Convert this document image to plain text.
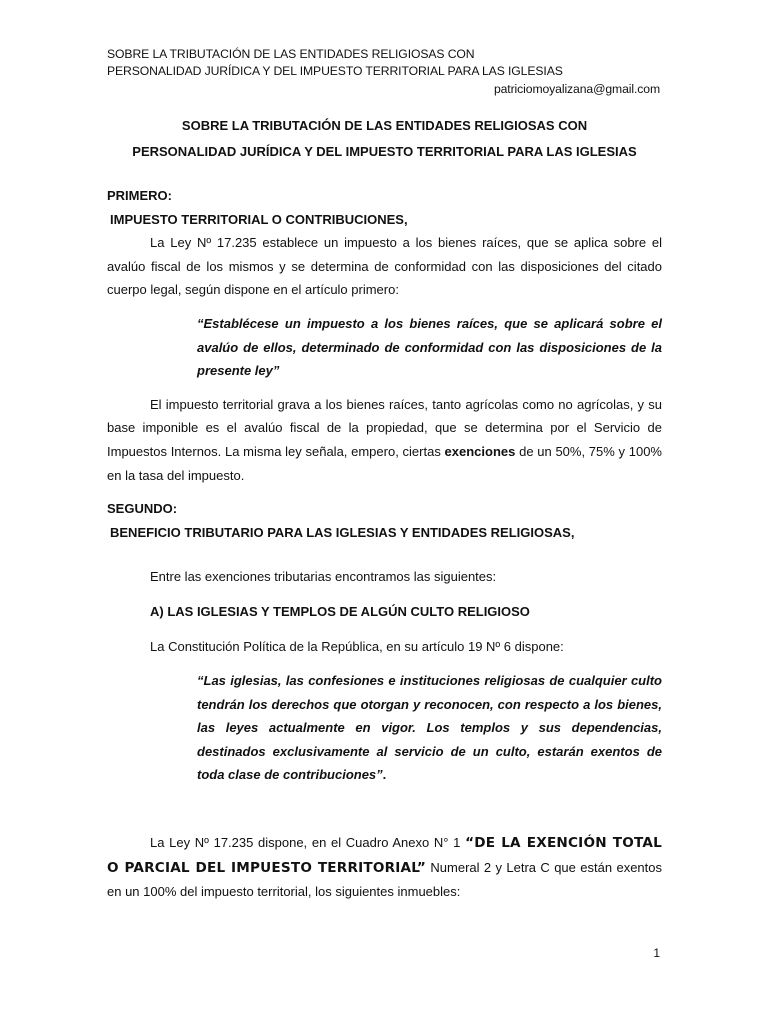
SOBRE LA TRIBUTACIÓN DE LAS ENTIDADES RELIGIOSAS CON
PERSONALIDAD JURÍDICA Y DEL IMPUESTO TERRITORIAL PARA LAS IGLESIAS
patriciomoyalizana@gmail.com

SOBRE LA TRIBUTACIÓN DE LAS ENTIDADES RELIGIOSAS CON

PERSONALIDAD JURÍDICA Y DEL IMPUESTO TERRITORIAL PARA LAS IGLESIAS

PRIMERO:

IMPUESTO TERRITORIAL O CONTRIBUCIONES,

La Ley Nº 17.235 establece un impuesto a los bienes raíces, que se aplica sobre el avalúo fiscal de los mismos y se determina de conformidad con las disposiciones del citado cuerpo legal, según dispone en el artículo primero:

“Establécese un impuesto a los bienes raíces, que se aplicará sobre el avalúo de ellos, determinado de conformidad con las disposiciones de la presente ley”

El impuesto territorial grava a los bienes raíces, tanto agrícolas como no agrícolas, y su base imponible es el avalúo fiscal de la propiedad, que se determina por el Servicio de Impuestos Internos. La misma ley señala, empero, ciertas exenciones de un 50%, 75% y 100% en la tasa del impuesto.

SEGUNDO:

BENEFICIO TRIBUTARIO PARA LAS IGLESIAS Y ENTIDADES RELIGIOSAS,

Entre las exenciones tributarias encontramos las siguientes:

A) LAS IGLESIAS Y TEMPLOS DE ALGÚN CULTO RELIGIOSO

La Constitución Política de la República, en su artículo 19 Nº 6 dispone:

“Las iglesias, las confesiones e instituciones religiosas de cualquier culto tendrán los derechos que otorgan y reconocen, con respecto a los bienes, las leyes actualmente en vigor. Los templos y sus dependencias, destinados exclusivamente al servicio de un culto, estarán exentos de toda clase de contribuciones”.

La Ley Nº 17.235 dispone, en el Cuadro Anexo N° 1 “DE LA EXENCIÓN TOTAL O PARCIAL DEL IMPUESTO TERRITORIAL” Numeral 2 y Letra C que están exentos en un 100% del impuesto territorial, los siguientes inmuebles:

1
